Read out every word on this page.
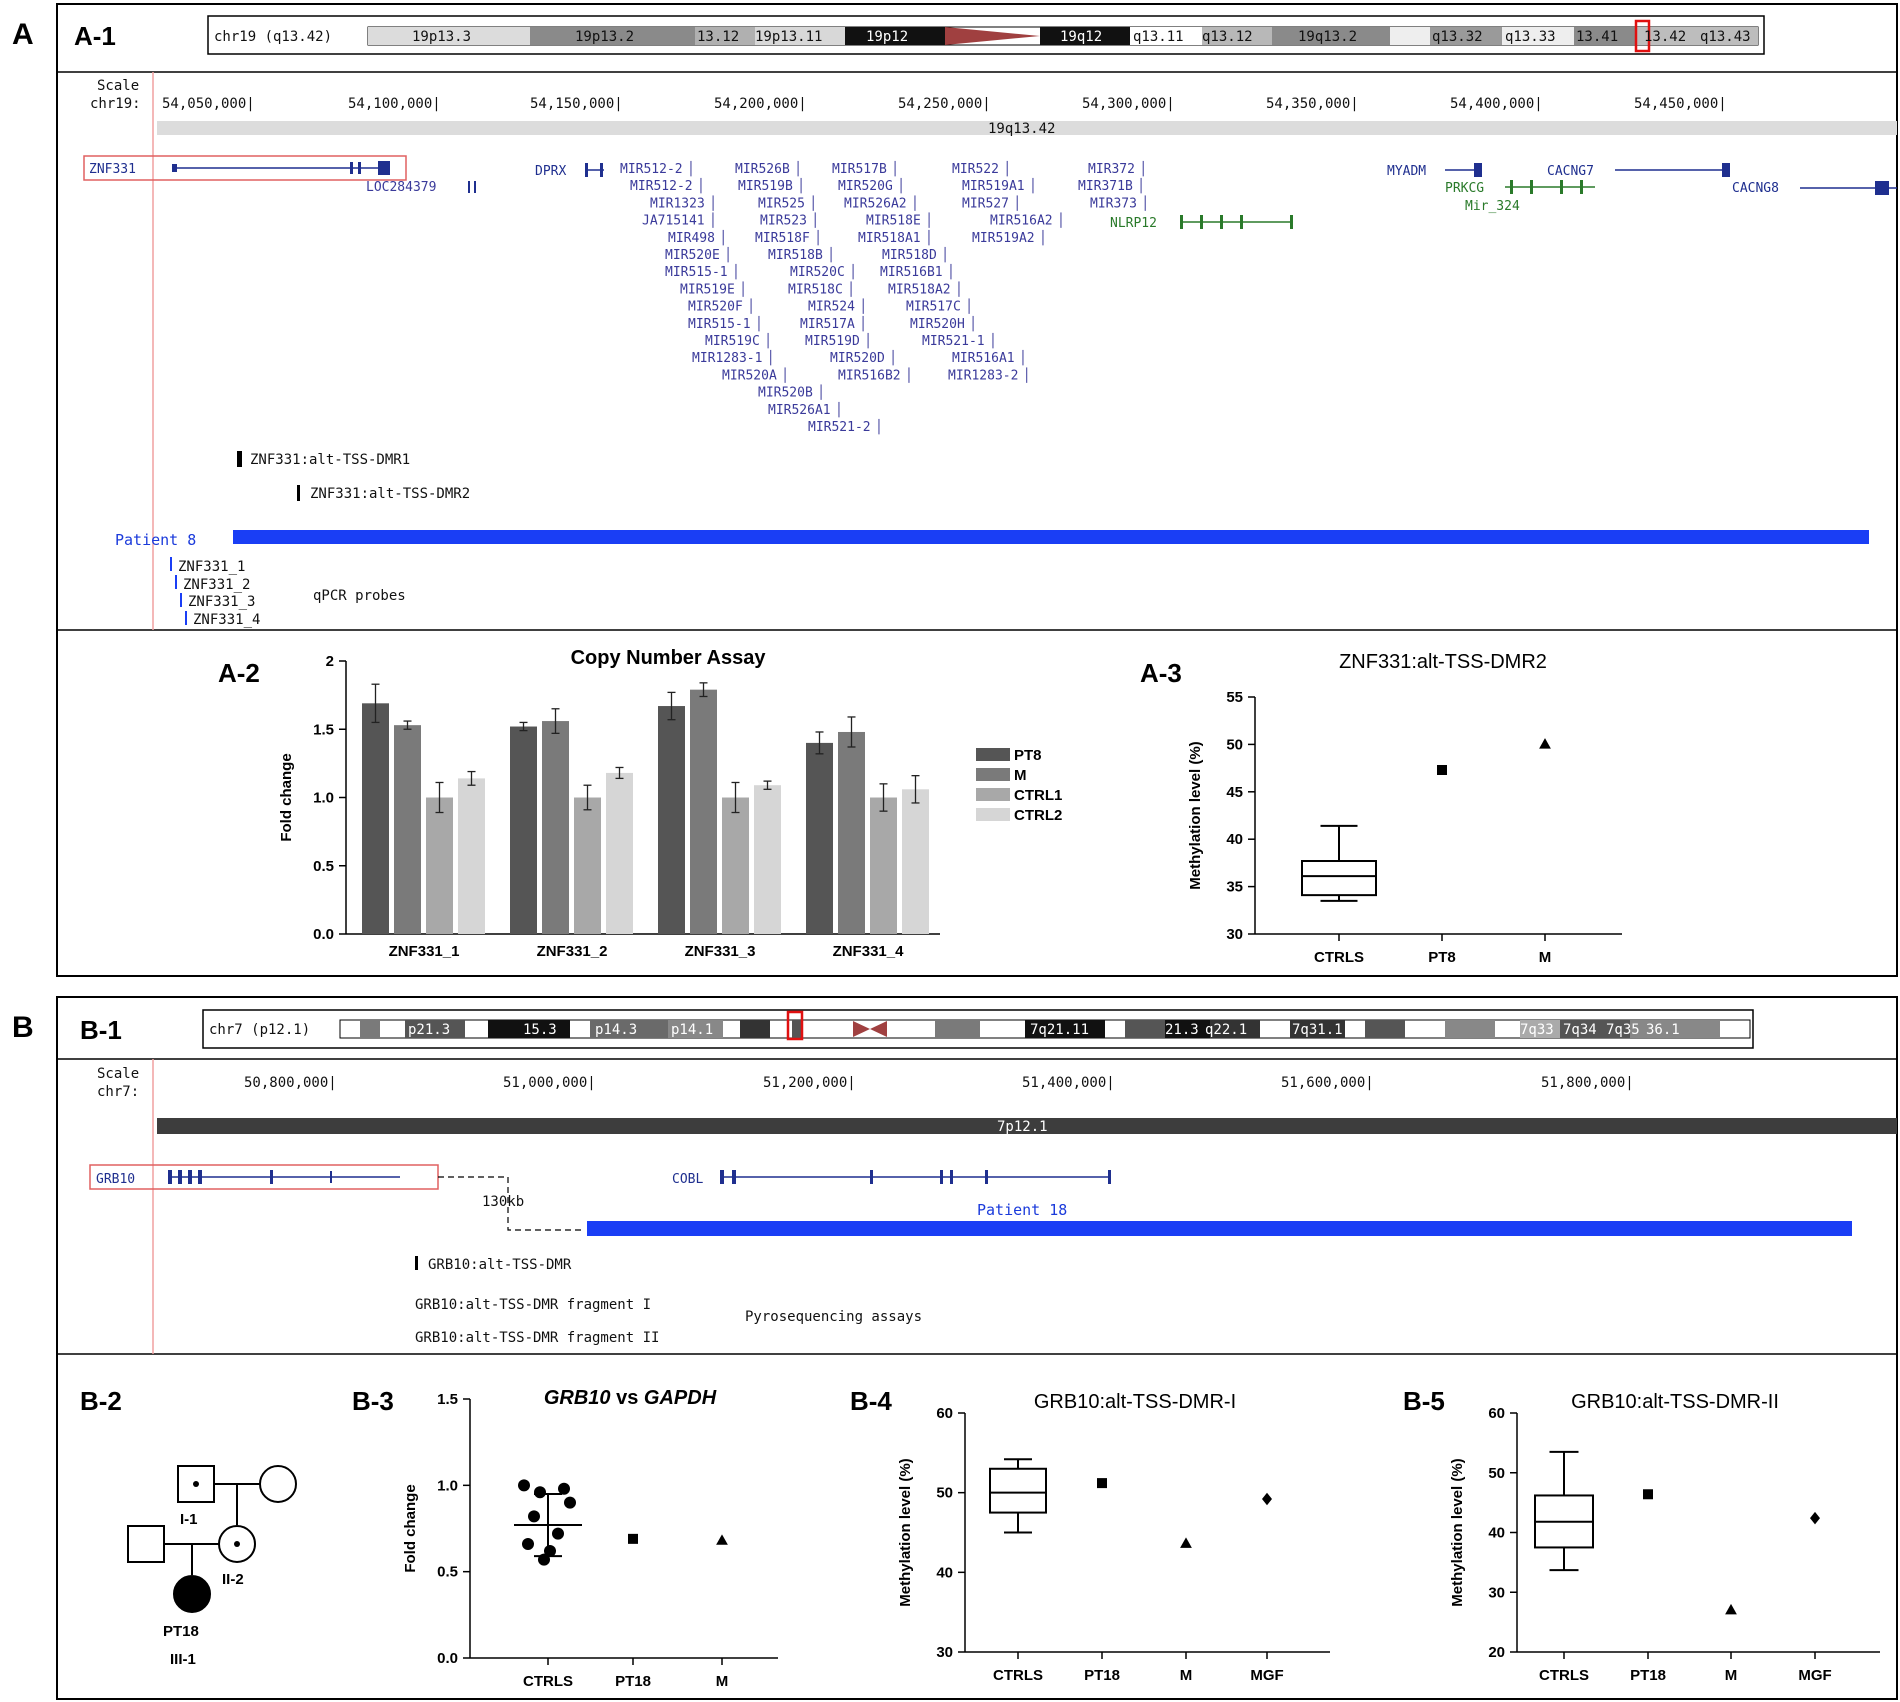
A A-1	chr19 (q13.42)	19p13.3	19p13.2	13.12 19p13.11	19p12	19q12 q13.11 q13.12	19q13.2	q13.32 q13.33 13.41 13.42 q13.43
Scale
chr19: 54,050,000|	54,100,000|	54,150,000|	54,200,000|	54,250,000|	54,300,000|	54,350,000|	54,400,000|	54,450,000|
19q13.42
ZNF331
LOC284379
DPRX	MYADM	CACNG7
PRKCG
Mir_324
CACNG8
NLRP12
MIR512-2 ▏
MIR512-2 ▏
MIR1323 ▏
JA715141 ▏
MIR498 ▏
MIR520E ▏
MIR515-1 ▏
MIR519E ▏
MIR520F ▏
MIR515-1 ▏
MIR519C ▏
MIR1283-1 ▏
MIR520A ▏
MIR520B ▏
MIR526A1 ▏
MIR521-2 ▏
MIR526B ▏
MIR519B ▏
MIR525 ▏
MIR523 ▏
MIR518F ▏
MIR518B ▏
MIR520C ▏
MIR518C ▏
MIR524 ▏
MIR517A ▏
MIR519D ▏
MIR520D ▏
MIR516B2 ▏
MIR517B ▏
MIR520G ▏
MIR526A2 ▏
MIR518E ▏
MIR518A1 ▏
MIR518D ▏
MIR516B1 ▏
MIR518A2 ▏
MIR517C ▏
MIR520H ▏
MIR521-1 ▏
MIR516A1 ▏
MIR1283-2 ▏
MIR522 ▏
MIR519A1 ▏
MIR527 ▏
MIR516A2 ▏
MIR519A2 ▏
MIR372 ▏
MIR371B ▏
MIR373 ▏
ZNF331:alt-TSS-DMR1
ZNF331:alt-TSS-DMR2
Patient 8
ZNF331_1
ZNF331_2
ZNF331_3
ZNF331_4
qPCR probes
A-2	Copy Number Assay
0.0
0.5
1.0
1.5
2
Fold change
ZNF331_1	ZNF331_2	ZNF331_3	ZNF331_4
PT8
M
CTRL1
CTRL2
A-3	ZNF331:alt-TSS-DMR2
30
35
40
45
50
55
Methylation level (%)
CTRLS	PT8	M
B B-1	chr7 (p12.1)	p21.3	15.3	p14.3 p14.1	7q21.11	21.3 q22.1	7q31.1	7q33 7q34 7q35 36.1
Scale
chr7:
50,800,000|	51,000,000|	51,200,000|	51,400,000|	51,600,000|	51,800,000|
7p12.1
GRB10
130kb
COBL
Patient 18
GRB10:alt-TSS-DMR
GRB10:alt-TSS-DMR fragment I
GRB10:alt-TSS-DMR fragment II
Pyrosequencing assays
B-2
I-1
II-2
PT18
III-1
B-3	GRB10 vs GAPDH
0.0
0.5
1.0
1.5
Fold change
CTRLS	PT18	M
B-4	GRB10:alt-TSS-DMR-I
30
40
50
60
Methylation level (%)
CTRLS	PT18	M	MGF
B-5	GRB10:alt-TSS-DMR-II
20
30
40
50
60
Methylation level (%)
CTRLS	PT18	M	MGF
